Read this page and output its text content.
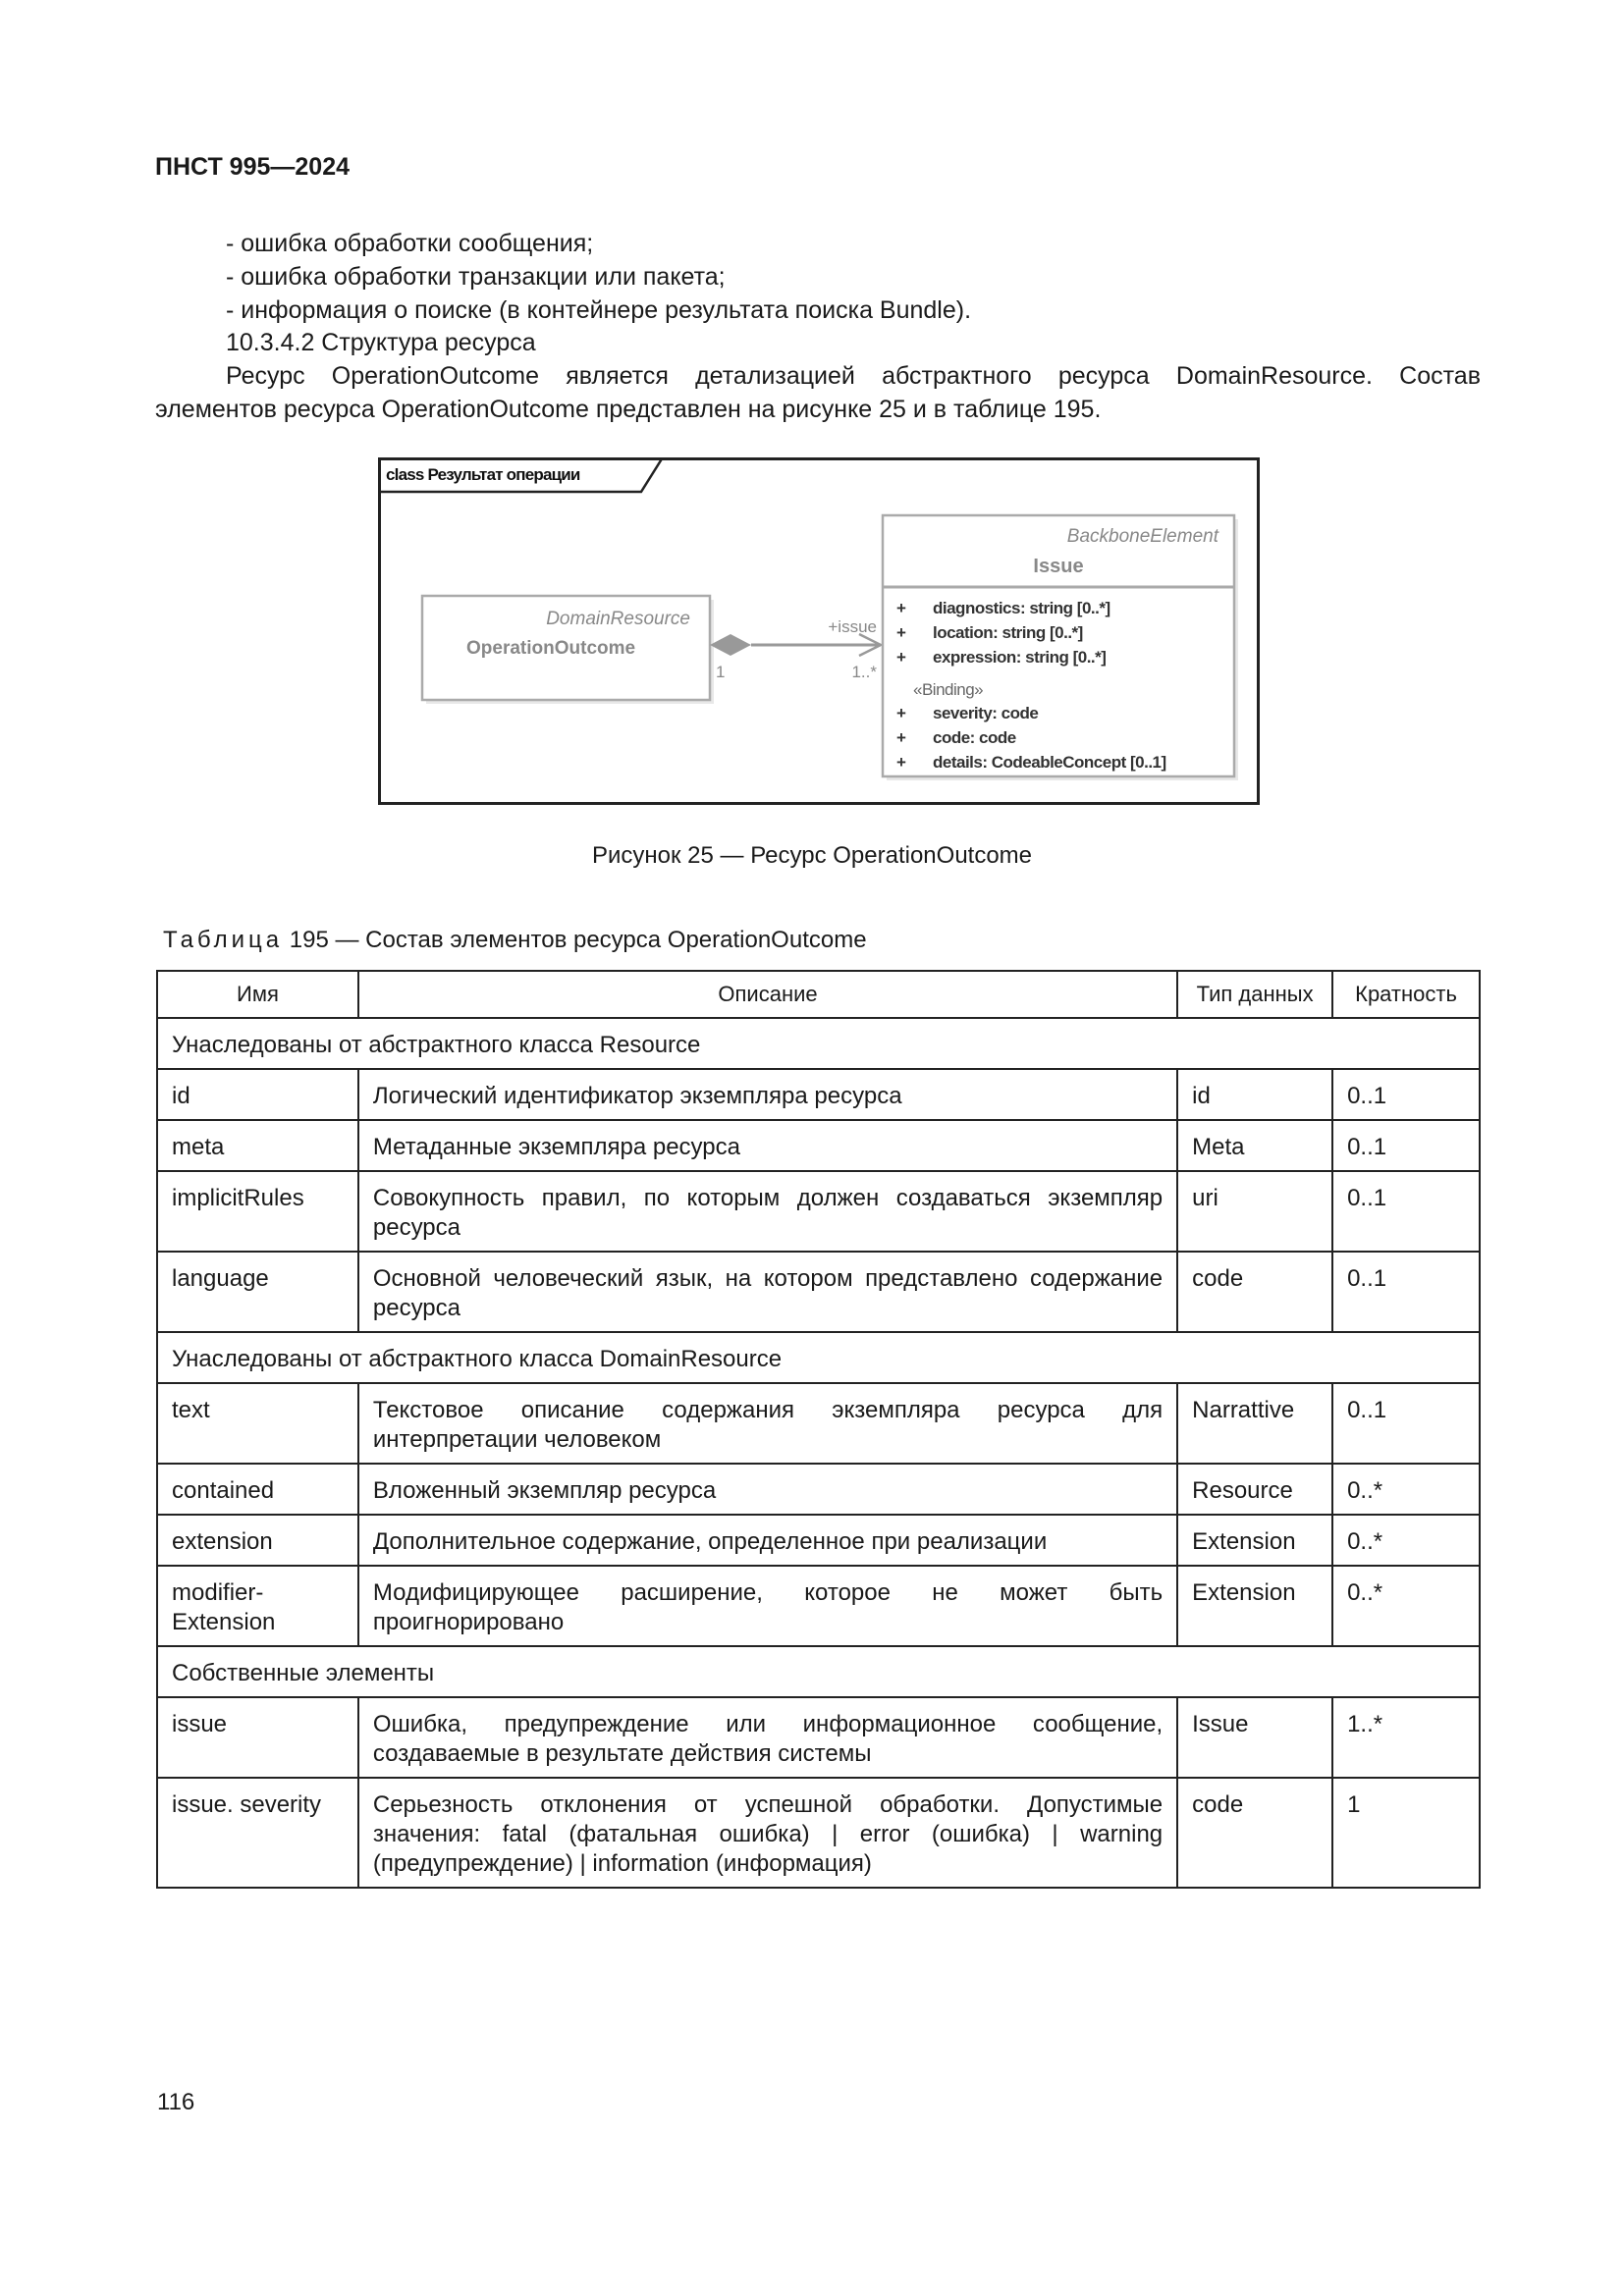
ПНСТ 995—2024
- ошибка обработки сообщения;
- ошибка обработки транзакции или пакета;
- информация о поиске (в контейнере результата поиска Bundle).
10.3.4.2 Структура ресурса
Ресурс OperationOutcome является детализацией абстрактного ресурса DomainResource. Состав
элементов ресурса OperationOutcome представлен на рисунке 25 и в таблице 195.
class Результат операции
DomainResource
OperationOutcome
+issue
1	1..*
BackboneElement
Issue
+ diagnostics: string [0..*]
+ location: string [0..*]
+ expression: string [0..*]
«Binding»
+ severity: code
+ code: code
+ details: CodeableConcept [0..1]
Рисунок 25 — Ресурс OperationOutcome
Таблица 195 — Состав элементов ресурса OperationOutcome
Имя	Описание	Тип данных	Кратность
Унаследованы от абстрактного класса Resource			
id	Логический идентификатор экземпляра ресурса	id	0..1
meta	Метаданные экземпляра ресурса	Meta	0..1
implicitRules	Совокупность правил, по которым должен создаваться экземпляр ресурса	uri	0..1
language	Основной человеческий язык, на котором представлено содержание ресурса	code	0..1
Унаследованы от абстрактного класса DomainResource			
text	Текстовое описание содержания экземпляра ресурса для интерпретации человеком	Narrattive	0..1
contained	Вложенный экземпляр ресурса	Resource	0..*
extension	Дополнительное содержание, определенное при реализации	Extension	0..*
modifier-Extension	Модифицирующее расширение, которое не может быть проигнорировано	Extension	0..*
Собственные элементы			
issue	Ошибка, предупреждение или информационное сообщение, создаваемые в результате действия системы	Issue	1..*
issue. severity	Серьезность отклонения от успешной обработки. Допустимые значения: fatal (фатальная ошибка) | error (ошибка) | warning (предупреждение) | information (информация)	code	1
116
